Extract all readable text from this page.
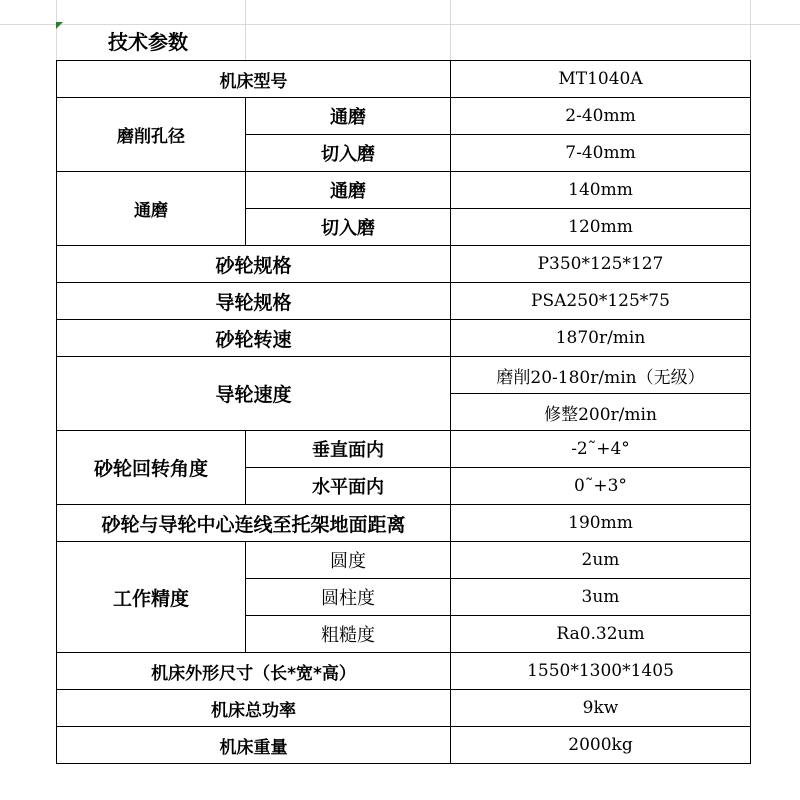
技术参数
机床型号		MT1040A
磨削孔径	通磨	2-40mm
	切入磨	7-40mm
通磨	通磨	140mm
	切入磨	120mm
砂轮规格		P350*125*127
导轮规格		PSA250*125*75
砂轮转速		1870r/min
导轮速度		磨削20-180r/min（无级）
		修整200r/min
砂轮回转角度	垂直面内	-2˜+4°
	水平面内	0˜+3°
砂轮与导轮中心连线至托架地面距离		190mm
工作精度	圆度	2um
	圆柱度	3um
	粗糙度	Ra0.32um
机床外形尺寸（长*宽*高）		1550*1300*1405
机床总功率		9kw
机床重量		2000kg
